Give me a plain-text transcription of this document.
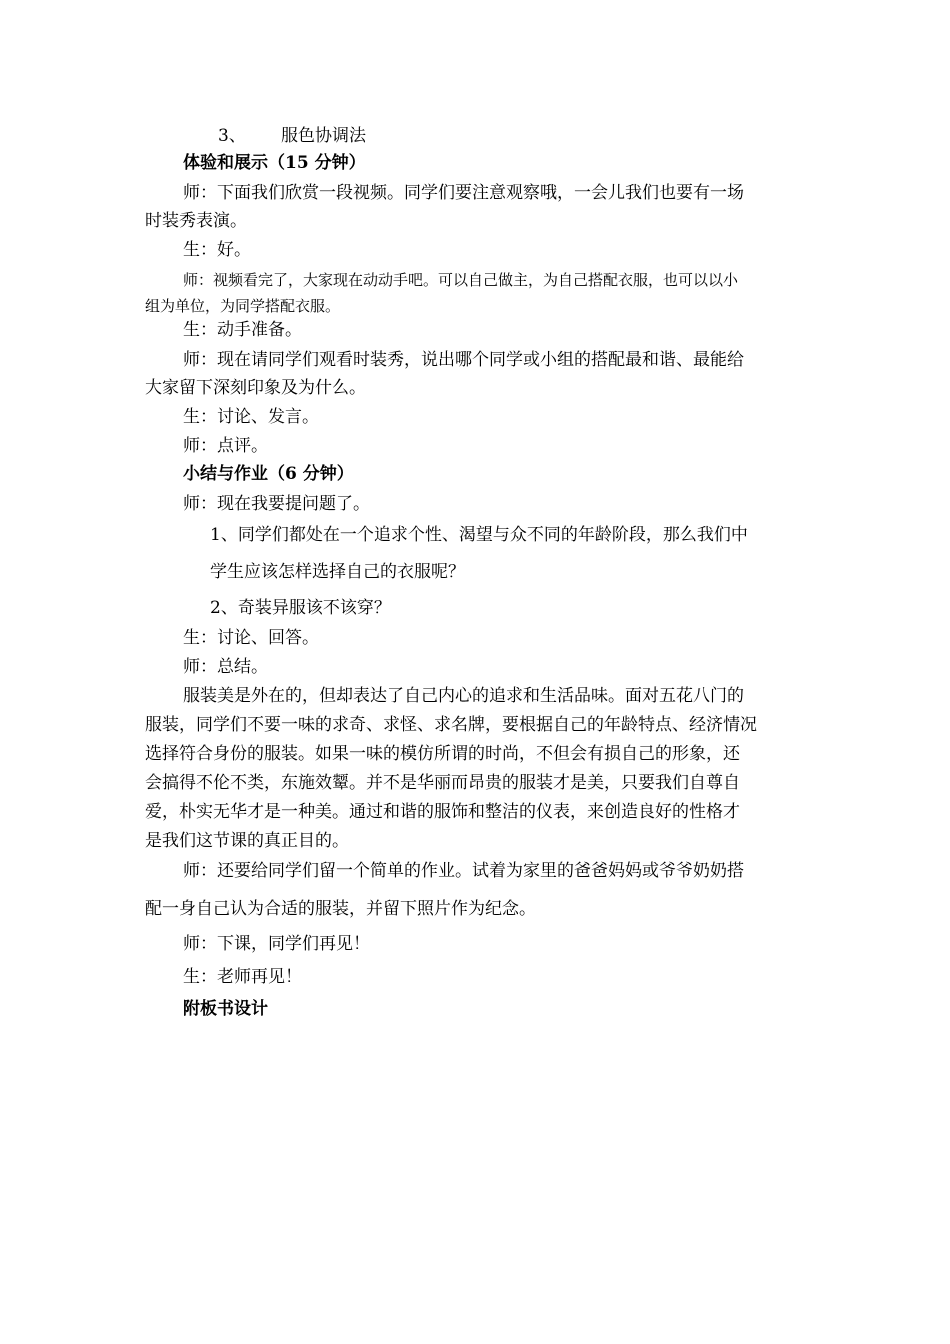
3、 服色协调法
体验和展示（15 分钟）
师：下面我们欣赏一段视频。同学们要注意观察哦，一会儿我们也要有一场
时装秀表演。
生：好。
师：视频看完了，大家现在动动手吧。可以自己做主，为自己搭配衣服，也可以以小
组为单位，为同学搭配衣服。
生：动手准备。
师：现在请同学们观看时装秀，说出哪个同学或小组的搭配最和谐、最能给
大家留下深刻印象及为什么。
生：讨论、发言。
师：点评。
小结与作业（6 分钟）
师：现在我要提问题了。
1、同学们都处在一个追求个性、渴望与众不同的年龄阶段，那么我们中
学生应该怎样选择自己的衣服呢？
2、奇装异服该不该穿？
生：讨论、回答。
师：总结。
服装美是外在的，但却表达了自己内心的追求和生活品味。面对五花八门的
服装，同学们不要一味的求奇、求怪、求名牌，要根据自己的年龄特点、经济情况
选择符合身份的服装。如果一味的模仿所谓的时尚，不但会有损自己的形象，还
会搞得不伦不类，东施效颦。并不是华丽而昂贵的服装才是美，只要我们自尊自
爱，朴实无华才是一种美。通过和谐的服饰和整洁的仪表，来创造良好的性格才
是我们这节课的真正目的。
师：还要给同学们留一个简单的作业。试着为家里的爸爸妈妈或爷爷奶奶搭
配一身自己认为合适的服装，并留下照片作为纪念。
师：下课，同学们再见！
生：老师再见！
附板书设计
